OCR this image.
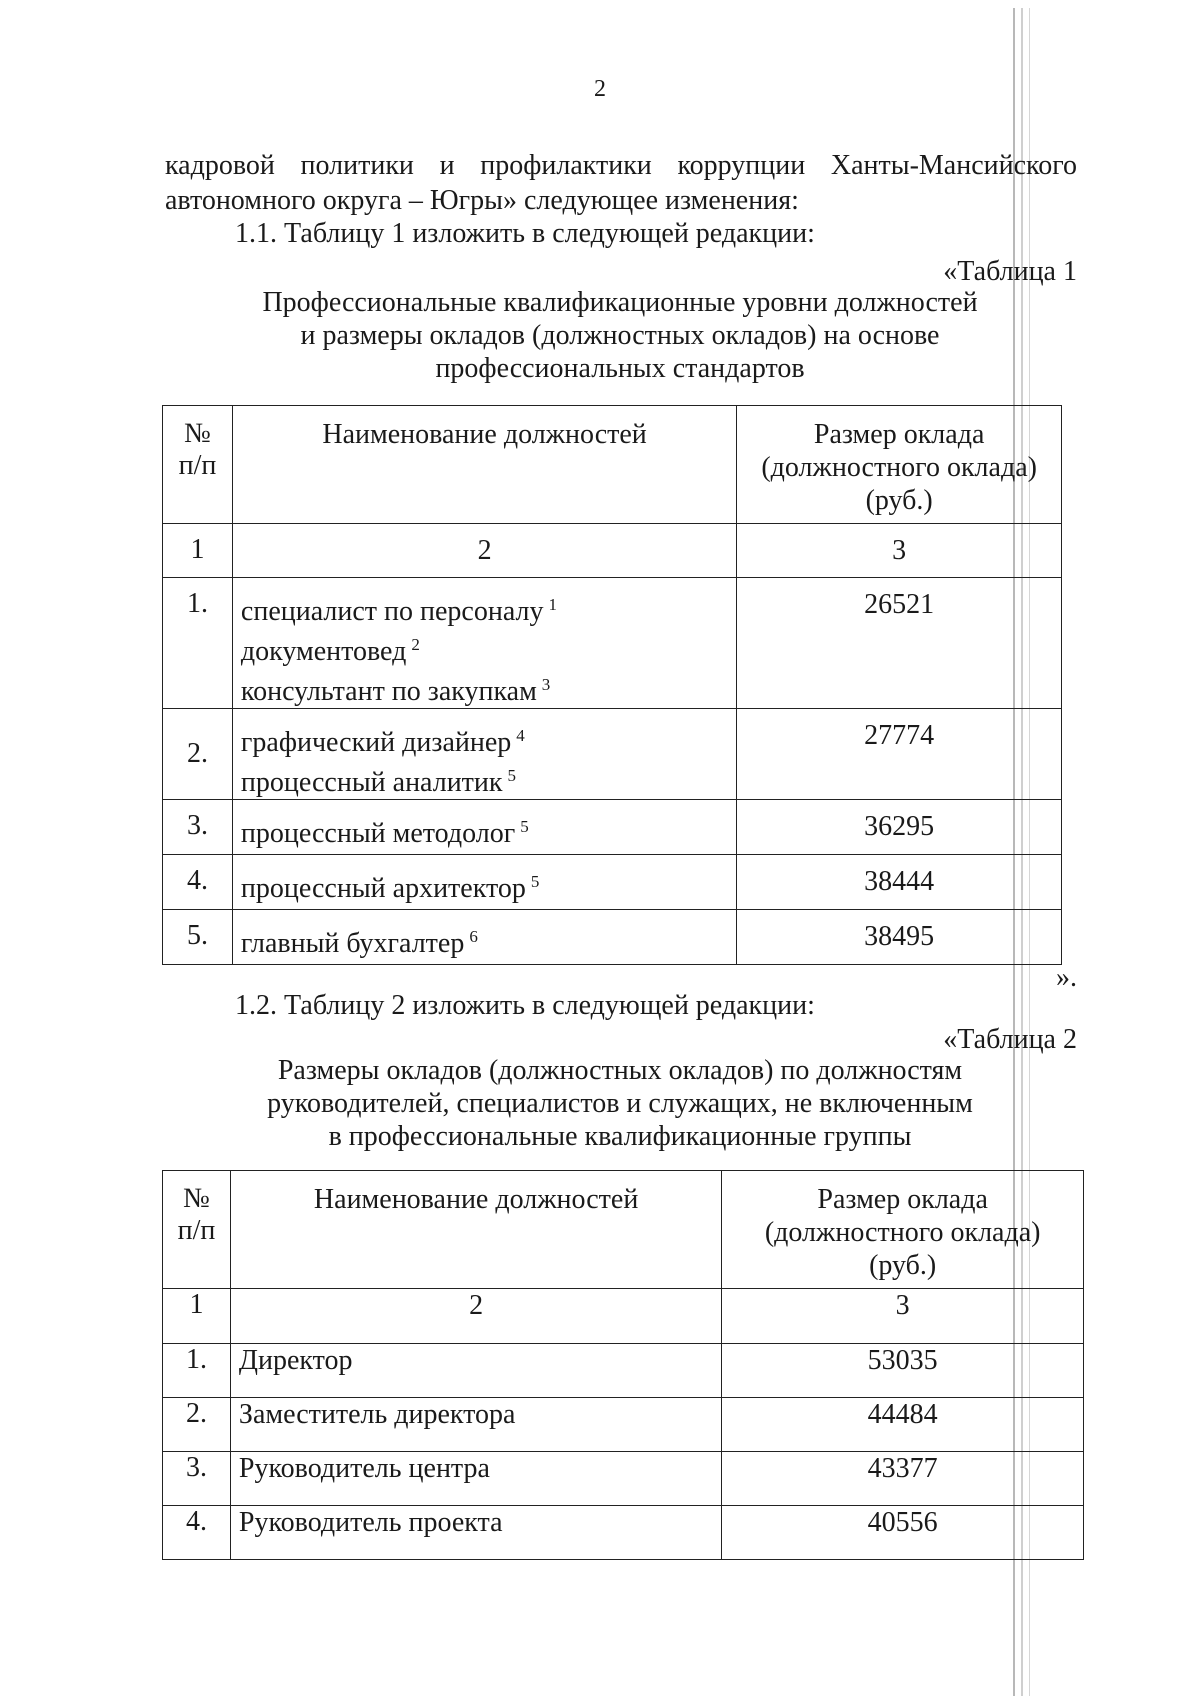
2
кадровой политики и профилактики коррупции Ханты-Мансийского
автономного округа – Югры» следующее изменения:
1.1. Таблицу 1 изложить в следующей редакции:
«Таблица 1
Профессиональные квалификационные уровни должностей
и размеры окладов (должностных окладов) на основе
профессиональных стандартов
№
п/п	Наименование должностей	Размер оклада
(должностного оклада)
(руб.)
1	2	3
1.	специалист по персоналу $^1$
документовед $^2$
консультант по закупкам $^3$	26521
2.	графический дизайнер $^4$
процессный аналитик $^5$	27774
3.	процессный методолог $^5$	36295
4.	процессный архитектор $^5$	38444
5.	главный бухгалтер $^6$	38495
».
1.2. Таблицу 2 изложить в следующей редакции:
«Таблица 2
Размеры окладов (должностных окладов) по должностям
руководителей, специалистов и служащих, не включенным
в профессиональные квалификационные группы
№
п/п	Наименование должностей	Размер оклада
(должностного оклада)
(руб.)
1	2	3
1.	Директор	53035
2.	Заместитель директора	44484
3.	Руководитель центра	43377
4.	Руководитель проекта	40556
